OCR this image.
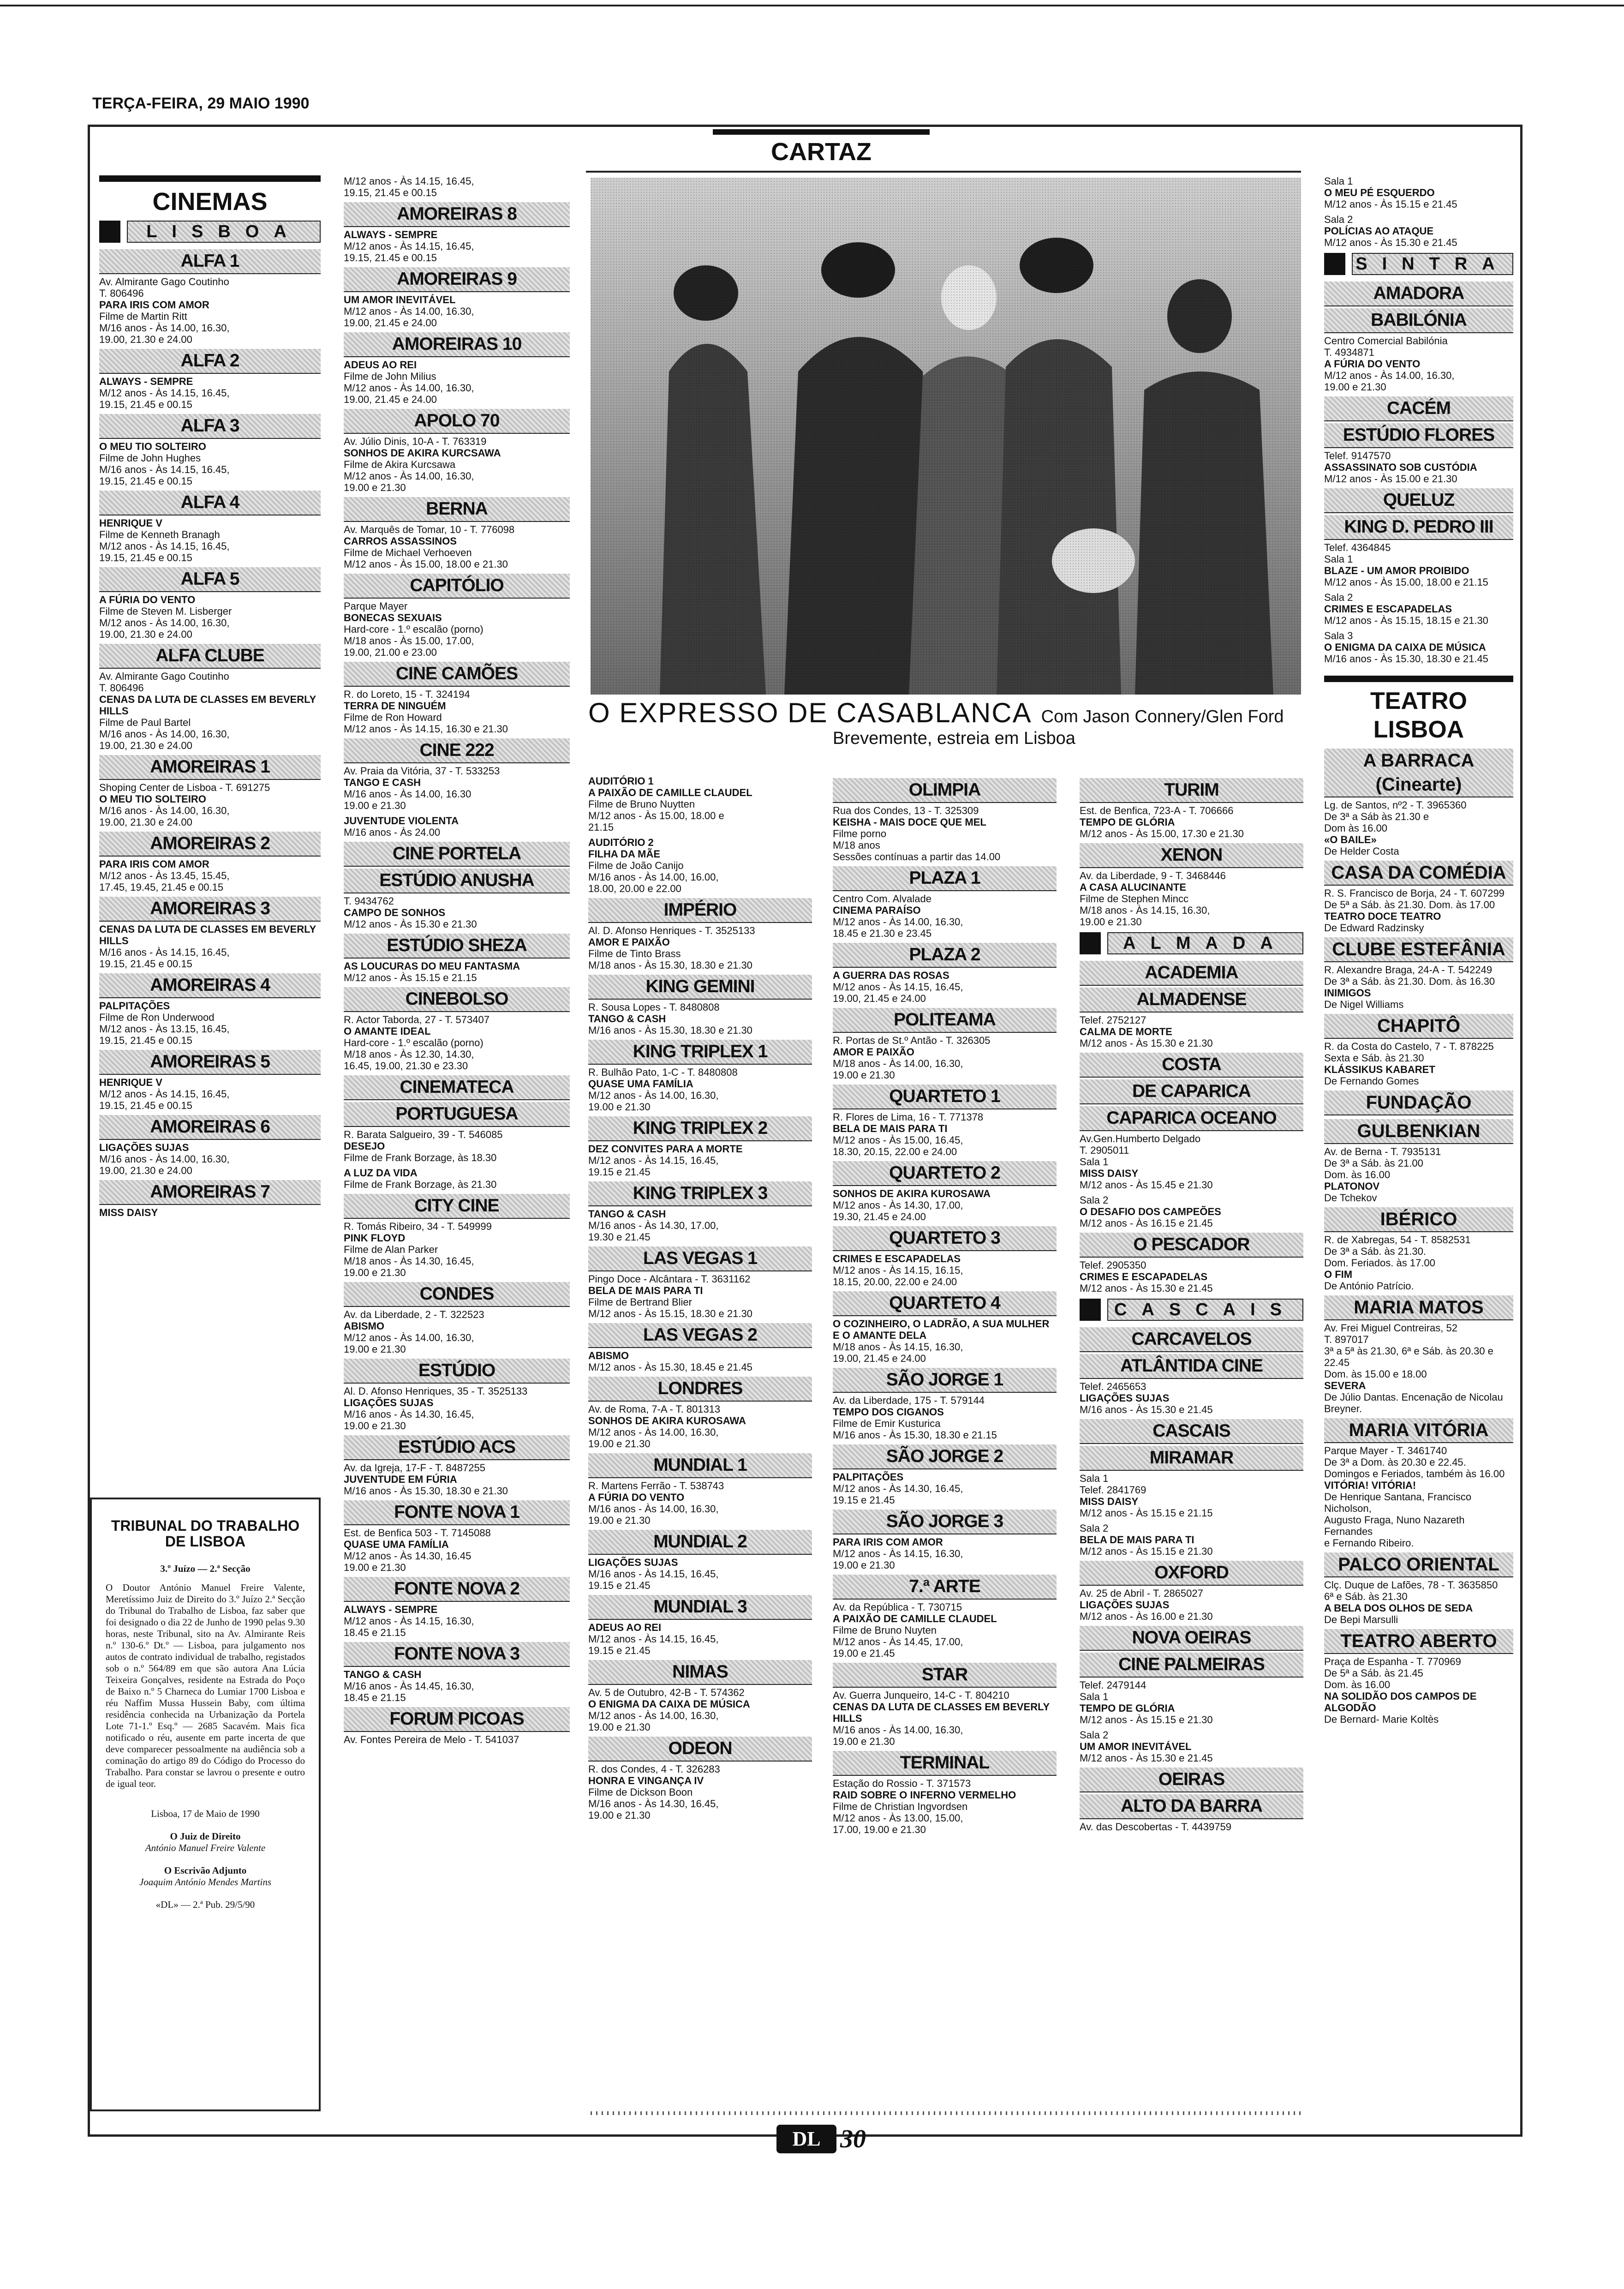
TERÇA-FEIRA, 29 MAIO 1990
CARTAZ
CINEMAS
LISBOA
ALFA 1
Av. Almirante Gago Coutinho
T. 806496
PARA IRIS COM AMOR
Filme de Martin Ritt
M/16 anos - Às 14.00, 16.30,
19.00, 21.30 e 24.00
ALFA 2
ALWAYS - SEMPRE
M/12 anos - Às 14.15, 16.45,
19.15, 21.45 e 00.15
ALFA 3
O MEU TIO SOLTEIRO
Filme de John Hughes
M/16 anos - Às 14.15, 16.45,
19.15, 21.45 e 00.15
ALFA 4
HENRIQUE V
Filme de Kenneth Branagh
M/12 anos - Às 14.15, 16.45,
19.15, 21.45 e 00.15
ALFA 5
A FÚRIA DO VENTO
Filme de Steven M. Lisberger
M/12 anos - Às 14.00, 16.30,
19.00, 21.30 e 24.00
ALFA CLUBE
Av. Almirante Gago Coutinho
T. 806496
CENAS DA LUTA DE CLASSES EM BEVERLY HILLS
Filme de Paul Bartel
M/16 anos - Às 14.00, 16.30,
19.00, 21.30 e 24.00
AMOREIRAS 1
Shoping Center de Lisboa - T. 691275
O MEU TIO SOLTEIRO
M/16 anos - Às 14.00, 16.30,
19.00, 21.30 e 24.00
AMOREIRAS 2
PARA IRIS COM AMOR
M/12 anos - Às 13.45, 15.45,
17.45, 19.45, 21.45 e 00.15
AMOREIRAS 3
CENAS DA LUTA DE CLASSES EM BEVERLY HILLS
M/16 anos - Às 14.15, 16.45,
19.15, 21.45 e 00.15
AMOREIRAS 4
PALPITAÇÕES
Filme de Ron Underwood
M/12 anos - Às 13.15, 16.45,
19.15, 21.45 e 00.15
AMOREIRAS 5
HENRIQUE V
M/12 anos - Às 14.15, 16.45,
19.15, 21.45 e 00.15
AMOREIRAS 6
LIGAÇÕES SUJAS
M/16 anos - Às 14.00, 16.30,
19.00, 21.30 e 24.00
AMOREIRAS 7
MISS DAISY
M/12 anos - Às 14.15, 16.45,
19.15, 21.45 e 00.15
AMOREIRAS 8
ALWAYS - SEMPRE
M/12 anos - Às 14.15, 16.45,
19.15, 21.45 e 00.15
AMOREIRAS 9
UM AMOR INEVITÁVEL
M/12 anos - Às 14.00, 16.30,
19.00, 21.45 e 24.00
AMOREIRAS 10
ADEUS AO REI
Filme de John Milius
M/12 anos - Às 14.00, 16.30,
19.00, 21.45 e 24.00
APOLO 70
Av. Júlio Dinis, 10-A - T. 763319
SONHOS DE AKIRA KURCSAWA
Filme de Akira Kurcsawa
M/12 anos - Às 14.00, 16.30,
19.00 e 21.30
BERNA
Av. Marquês de Tomar, 10 - T. 776098
CARROS ASSASSINOS
Filme de Michael Verhoeven
M/12 anos - Às 15.00, 18.00 e 21.30
CAPITÓLIO
Parque Mayer
BONECAS SEXUAIS
Hard-core - 1.º escalão (porno)
M/18 anos - Às 15.00, 17.00,
19.00, 21.00 e 23.00
CINE CAMÕES
R. do Loreto, 15 - T. 324194
TERRA DE NINGUÉM
Filme de Ron Howard
M/12 anos - Às 14.15, 16.30 e 21.30
CINE 222
Av. Praia da Vitória, 37 - T. 533253
TANGO E CASH
M/16 anos - Às 14.00, 16.30
19.00 e 21.30
JUVENTUDE VIOLENTA
M/16 anos - Às 24.00
CINE PORTELA
ESTÚDIO ANUSHA
T. 9434762
CAMPO DE SONHOS
M/12 anos - Às 15.30 e 21.30
ESTÚDIO SHEZA
AS LOUCURAS DO MEU FANTASMA
M/12 anos - Às 15.15 e 21.15
CINEBOLSO
R. Actor Taborda, 27 - T. 573407
O AMANTE IDEAL
Hard-core - 1.º escalão (porno)
M/18 anos - Às 12.30, 14.30,
16.45, 19.00, 21.30 e 23.30
CINEMATECA
PORTUGUESA
R. Barata Salgueiro, 39 - T. 546085
DESEJO
Filme de Frank Borzage, às 18.30
A LUZ DA VIDA
Filme de Frank Borzage, às 21.30
CITY CINE
R. Tomás Ribeiro, 34 - T. 549999
PINK FLOYD
Filme de Alan Parker
M/18 anos - Às 14.30, 16.45,
19.00 e 21.30
CONDES
Av. da Liberdade, 2 - T. 322523
ABISMO
M/12 anos - Às 14.00, 16.30,
19.00 e 21.30
ESTÚDIO
Al. D. Afonso Henriques, 35 - T. 3525133
LIGAÇÕES SUJAS
M/16 anos - Às 14.30, 16.45,
19.00 e 21.30
ESTÚDIO ACS
Av. da Igreja, 17-F - T. 8487255
JUVENTUDE EM FÚRIA
M/16 anos - Às 15.30, 18.30 e 21.30
FONTE NOVA 1
Est. de Benfica 503 - T. 7145088
QUASE UMA FAMÍLIA
M/12 anos - Às 14.30, 16.45
19.00 e 21.30
FONTE NOVA 2
ALWAYS - SEMPRE
M/12 anos - Às 14.15, 16.30,
18.45 e 21.15
FONTE NOVA 3
TANGO & CASH
M/16 anos - Às 14.45, 16.30,
18.45 e 21.15
FORUM PICOAS
Av. Fontes Pereira de Melo - T. 541037
O EXPRESSO DE CASABLANCA Com Jason Connery/Glen Ford
Brevemente, estreia em Lisboa
AUDITÓRIO 1
A PAIXÃO DE CAMILLE CLAUDEL
Filme de Bruno Nuytten
M/12 anos - Às 15.00, 18.00 e
21.15
AUDITÓRIO 2
FILHA DA MÃE
Filme de João Canijo
M/16 anos - Às 14.00, 16.00,
18.00, 20.00 e 22.00
IMPÉRIO
Al. D. Afonso Henriques - T. 3525133
AMOR E PAIXÃO
Filme de Tinto Brass
M/18 anos - Às 15.30, 18.30 e 21.30
KING GEMINI
R. Sousa Lopes - T. 8480808
TANGO & CASH
M/16 anos - Às 15.30, 18.30 e 21.30
KING TRIPLEX 1
R. Bulhão Pato, 1-C - T. 8480808
QUASE UMA FAMÍLIA
M/12 anos - Às 14.00, 16.30,
19.00 e 21.30
KING TRIPLEX 2
DEZ CONVITES PARA A MORTE
M/12 anos - Às 14.15, 16.45,
19.15 e 21.45
KING TRIPLEX 3
TANGO & CASH
M/16 anos - Às 14.30, 17.00,
19.30 e 21.45
LAS VEGAS 1
Pingo Doce - Alcântara - T. 3631162
BELA DE MAIS PARA TI
Filme de Bertrand Blier
M/12 anos - Às 15.15, 18.30 e 21.30
LAS VEGAS 2
ABISMO
M/12 anos - Às 15.30, 18.45 e 21.45
LONDRES
Av. de Roma, 7-A - T. 801313
SONHOS DE AKIRA KUROSAWA
M/12 anos - Às 14.00, 16.30,
19.00 e 21.30
MUNDIAL 1
R. Martens Ferrão - T. 538743
A FÚRIA DO VENTO
M/16 anos - Às 14.00, 16.30,
19.00 e 21.30
MUNDIAL 2
LIGAÇÕES SUJAS
M/16 anos - Às 14.15, 16.45,
19.15 e 21.45
MUNDIAL 3
ADEUS AO REI
M/12 anos - Às 14.15, 16.45,
19.15 e 21.45
NIMAS
Av. 5 de Outubro, 42-B - T. 574362
O ENIGMA DA CAIXA DE MÚSICA
M/12 anos - Às 14.00, 16.30,
19.00 e 21.30
ODEON
R. dos Condes, 4 - T. 326283
HONRA E VINGANÇA IV
Filme de Dickson Boon
M/16 anos - Às 14.30, 16.45,
19.00 e 21.30
OLIMPIA
Rua dos Condes, 13 - T. 325309
KEISHA - MAIS DOCE QUE MEL
Filme porno
M/18 anos
Sessões contínuas a partir das 14.00
PLAZA 1
Centro Com. Alvalade
CINEMA PARAÍSO
M/12 anos - Às 14.00, 16.30,
18.45 e 21.30 e 23.45
PLAZA 2
A GUERRA DAS ROSAS
M/12 anos - Às 14.15, 16.45,
19.00, 21.45 e 24.00
POLITEAMA
R. Portas de St.º Antão - T. 326305
AMOR E PAIXÃO
M/18 anos - Às 14.00, 16.30,
19.00 e 21.30
QUARTETO 1
R. Flores de Lima, 16 - T. 771378
BELA DE MAIS PARA TI
M/12 anos - Às 15.00, 16.45,
18.30, 20.15, 22.00 e 24.00
QUARTETO 2
SONHOS DE AKIRA KUROSAWA
M/12 anos - Às 14.30, 17.00,
19.30, 21.45 e 24.00
QUARTETO 3
CRIMES E ESCAPADELAS
M/12 anos - Às 14.15, 16.15,
18.15, 20.00, 22.00 e 24.00
QUARTETO 4
O COZINHEIRO, O LADRÃO, A SUA MULHER E O AMANTE DELA
M/18 anos - Às 14.15, 16.30,
19.00, 21.45 e 24.00
SÃO JORGE 1
Av. da Liberdade, 175 - T. 579144
TEMPO DOS CIGANOS
Filme de Emir Kusturica
M/16 anos - Às 15.30, 18.30 e 21.15
SÃO JORGE 2
PALPITAÇÕES
M/12 anos - Às 14.30, 16.45,
19.15 e 21.45
SÃO JORGE 3
PARA IRIS COM AMOR
M/12 anos - Às 14.15, 16.30,
19.00 e 21.30
7.ª ARTE
Av. da República - T. 730715
A PAIXÃO DE CAMILLE CLAUDEL
Filme de Bruno Nuyten
M/12 anos - Às 14.45, 17.00,
19.00 e 21.45
STAR
Av. Guerra Junqueiro, 14-C - T. 804210
CENAS DA LUTA DE CLASSES EM BEVERLY HILLS
M/16 anos - Às 14.00, 16.30,
19.00 e 21.30
TERMINAL
Estação do Rossio - T. 371573
RAID SOBRE O INFERNO VERMELHO
Filme de Christian Ingvordsen
M/12 anos - Às 13.00, 15.00,
17.00, 19.00 e 21.30
TURIM
Est. de Benfica, 723-A - T. 706666
TEMPO DE GLÓRIA
M/12 anos - Às 15.00, 17.30 e 21.30
XENON
Av. da Liberdade, 9 - T. 3468446
A CASA ALUCINANTE
Filme de Stephen Mincc
M/18 anos - Às 14.15, 16.30,
19.00 e 21.30
ALMADA
ACADEMIA
ALMADENSE
Telef. 2752127
CALMA DE MORTE
M/12 anos - Às 15.30 e 21.30
COSTA
DE CAPARICA
CAPARICA OCEANO
Av.Gen.Humberto Delgado
T. 2905011
Sala 1
MISS DAISY
M/12 anos - Às 15.45 e 21.30
Sala 2
O DESAFIO DOS CAMPEÕES
M/12 anos - Às 16.15 e 21.45
O PESCADOR
Telef. 2905350
CRIMES E ESCAPADELAS
M/12 anos - Às 15.30 e 21.45
CASCAIS
CARCAVELOS
ATLÂNTIDA CINE
Telef. 2465653
LIGAÇÕES SUJAS
M/16 anos - Às 15.30 e 21.45
CASCAIS
MIRAMAR
Sala 1
Telef. 2841769
MISS DAISY
M/12 anos - Às 15.15 e 21.15
Sala 2
BELA DE MAIS PARA TI
M/12 anos - Às 15.15 e 21.30
OXFORD
Av. 25 de Abril - T. 2865027
LIGAÇÕES SUJAS
M/12 anos - Às 16.00 e 21.30
NOVA OEIRAS
CINE PALMEIRAS
Telef. 2479144
Sala 1
TEMPO DE GLÓRIA
M/12 anos - Às 15.15 e 21.30
Sala 2
UM AMOR INEVITÁVEL
M/12 anos - Às 15.30 e 21.45
OEIRAS
ALTO DA BARRA
Av. das Descobertas - T. 4439759
Sala 1
O MEU PÉ ESQUERDO
M/12 anos - Às 15.15 e 21.45
Sala 2
POLÍCIAS AO ATAQUE
M/12 anos - Às 15.30 e 21.45
SINTRA
AMADORA
BABILÓNIA
Centro Comercial Babilónia
T. 4934871
A FÚRIA DO VENTO
M/12 anos - Às 14.00, 16.30,
19.00 e 21.30
CACÉM
ESTÚDIO FLORES
Telef. 9147570
ASSASSINATO SOB CUSTÓDIA
M/12 anos - Às 15.00 e 21.30
QUELUZ
KING D. PEDRO III
Telef. 4364845
Sala 1
BLAZE - UM AMOR PROIBIDO
M/12 anos - Às 15.00, 18.00 e 21.15
Sala 2
CRIMES E ESCAPADELAS
M/12 anos - Às 15.15, 18.15 e 21.30
Sala 3
O ENIGMA DA CAIXA DE MÚSICA
M/16 anos - Às 15.30, 18.30 e 21.45
TEATRO
LISBOA
A BARRACA (Cinearte)
Lg. de Santos, nº2 - T. 3965360
De 3ª a Sáb às 21.30 e
Dom às 16.00
«O BAILE»
De Helder Costa
CASA DA COMÉDIA
R. S. Francisco de Borja, 24 - T. 607299
De 5ª a Sáb. às 21.30. Dom. às 17.00
TEATRO DOCE TEATRO
De Edward Radzinsky
CLUBE ESTEFÂNIA
R. Alexandre Braga, 24-A - T. 542249
De 3ª a Sáb. às 21.30. Dom. às 16.30
INIMIGOS
De Nigel Williams
CHAPITÔ
R. da Costa do Castelo, 7 - T. 878225
Sexta e Sáb. às 21.30
KLÁSSIKUS KABARET
De Fernando Gomes
FUNDAÇÃO
GULBENKIAN
Av. de Berna - T. 7935131
De 3ª a Sáb. às 21.00
Dom. às 16.00
PLATONOV
De Tchekov
IBÉRICO
R. de Xabregas, 54 - T. 8582531
De 3ª a Sáb. às 21.30.
Dom. Feriados. às 17.00
O FIM
De António Patrício.
MARIA MATOS
Av. Frei Miguel Contreiras, 52
T. 897017
3ª a 5ª às 21.30, 6ª e Sáb. às 20.30 e 22.45
Dom. às 15.00 e 18.00
SEVERA
De Júlio Dantas. Encenação de Nicolau Breyner.
MARIA VITÓRIA
Parque Mayer - T. 3461740
De 3ª a Dom. às 20.30 e 22.45.
Domingos e Feriados, também às 16.00
VITÓRIA! VITÓRIA!
De Henrique Santana, Francisco Nicholson,
Augusto Fraga, Nuno Nazareth Fernandes
e Fernando Ribeiro.
PALCO ORIENTAL
Clç. Duque de Lafões, 78 - T. 3635850
6ª e Sáb. às 21.30
A BELA DOS OLHOS DE SEDA
De Bepi Marsulli
TEATRO ABERTO
Praça de Espanha - T. 770969
De 5ª a Sáb. às 21.45
Dom. às 16.00
NA SOLIDÃO DOS CAMPOS DE ALGODÃO
De Bernard- Marie Koltès
TRIBUNAL DO TRABALHO DE LISBOA
3.º Juízo — 2.ª Secção
O Doutor António Manuel Freire Valente, Meretíssimo Juiz de Direito do 3.º Juízo 2.ª Secção do Tribunal do Trabalho de Lisboa, faz saber que foi designado o dia 22 de Junho de 1990 pelas 9.30 horas, neste Tribunal, sito na Av. Almirante Reis n.º 130-6.º Dt.º — Lisboa, para julgamento nos autos de contrato individual de trabalho, registados sob o n.º 564/89 em que são autora Ana Lúcia Teixeira Gonçalves, residente na Estrada do Poço de Baixo n.º 5 Charneca do Lumiar 1700 Lisboa e réu Naffim Mussa Hussein Baby, com última residência conhecida na Urbanização da Portela Lote 71-1.º Esq.º — 2685 Sacavém. Mais fica notificado o réu, ausente em parte incerta de que deve comparecer pessoalmente na audiência sob a cominação do artigo 89 do Código do Processo do Trabalho. Para constar se lavrou o presente e outro de igual teor.
Lisboa, 17 de Maio de 1990
O Juiz de Direito
António Manuel Freire Valente
O Escrivão Adjunto
Joaquim António Mendes Martins
«DL» — 2.ª Pub. 29/5/90
DL 30
